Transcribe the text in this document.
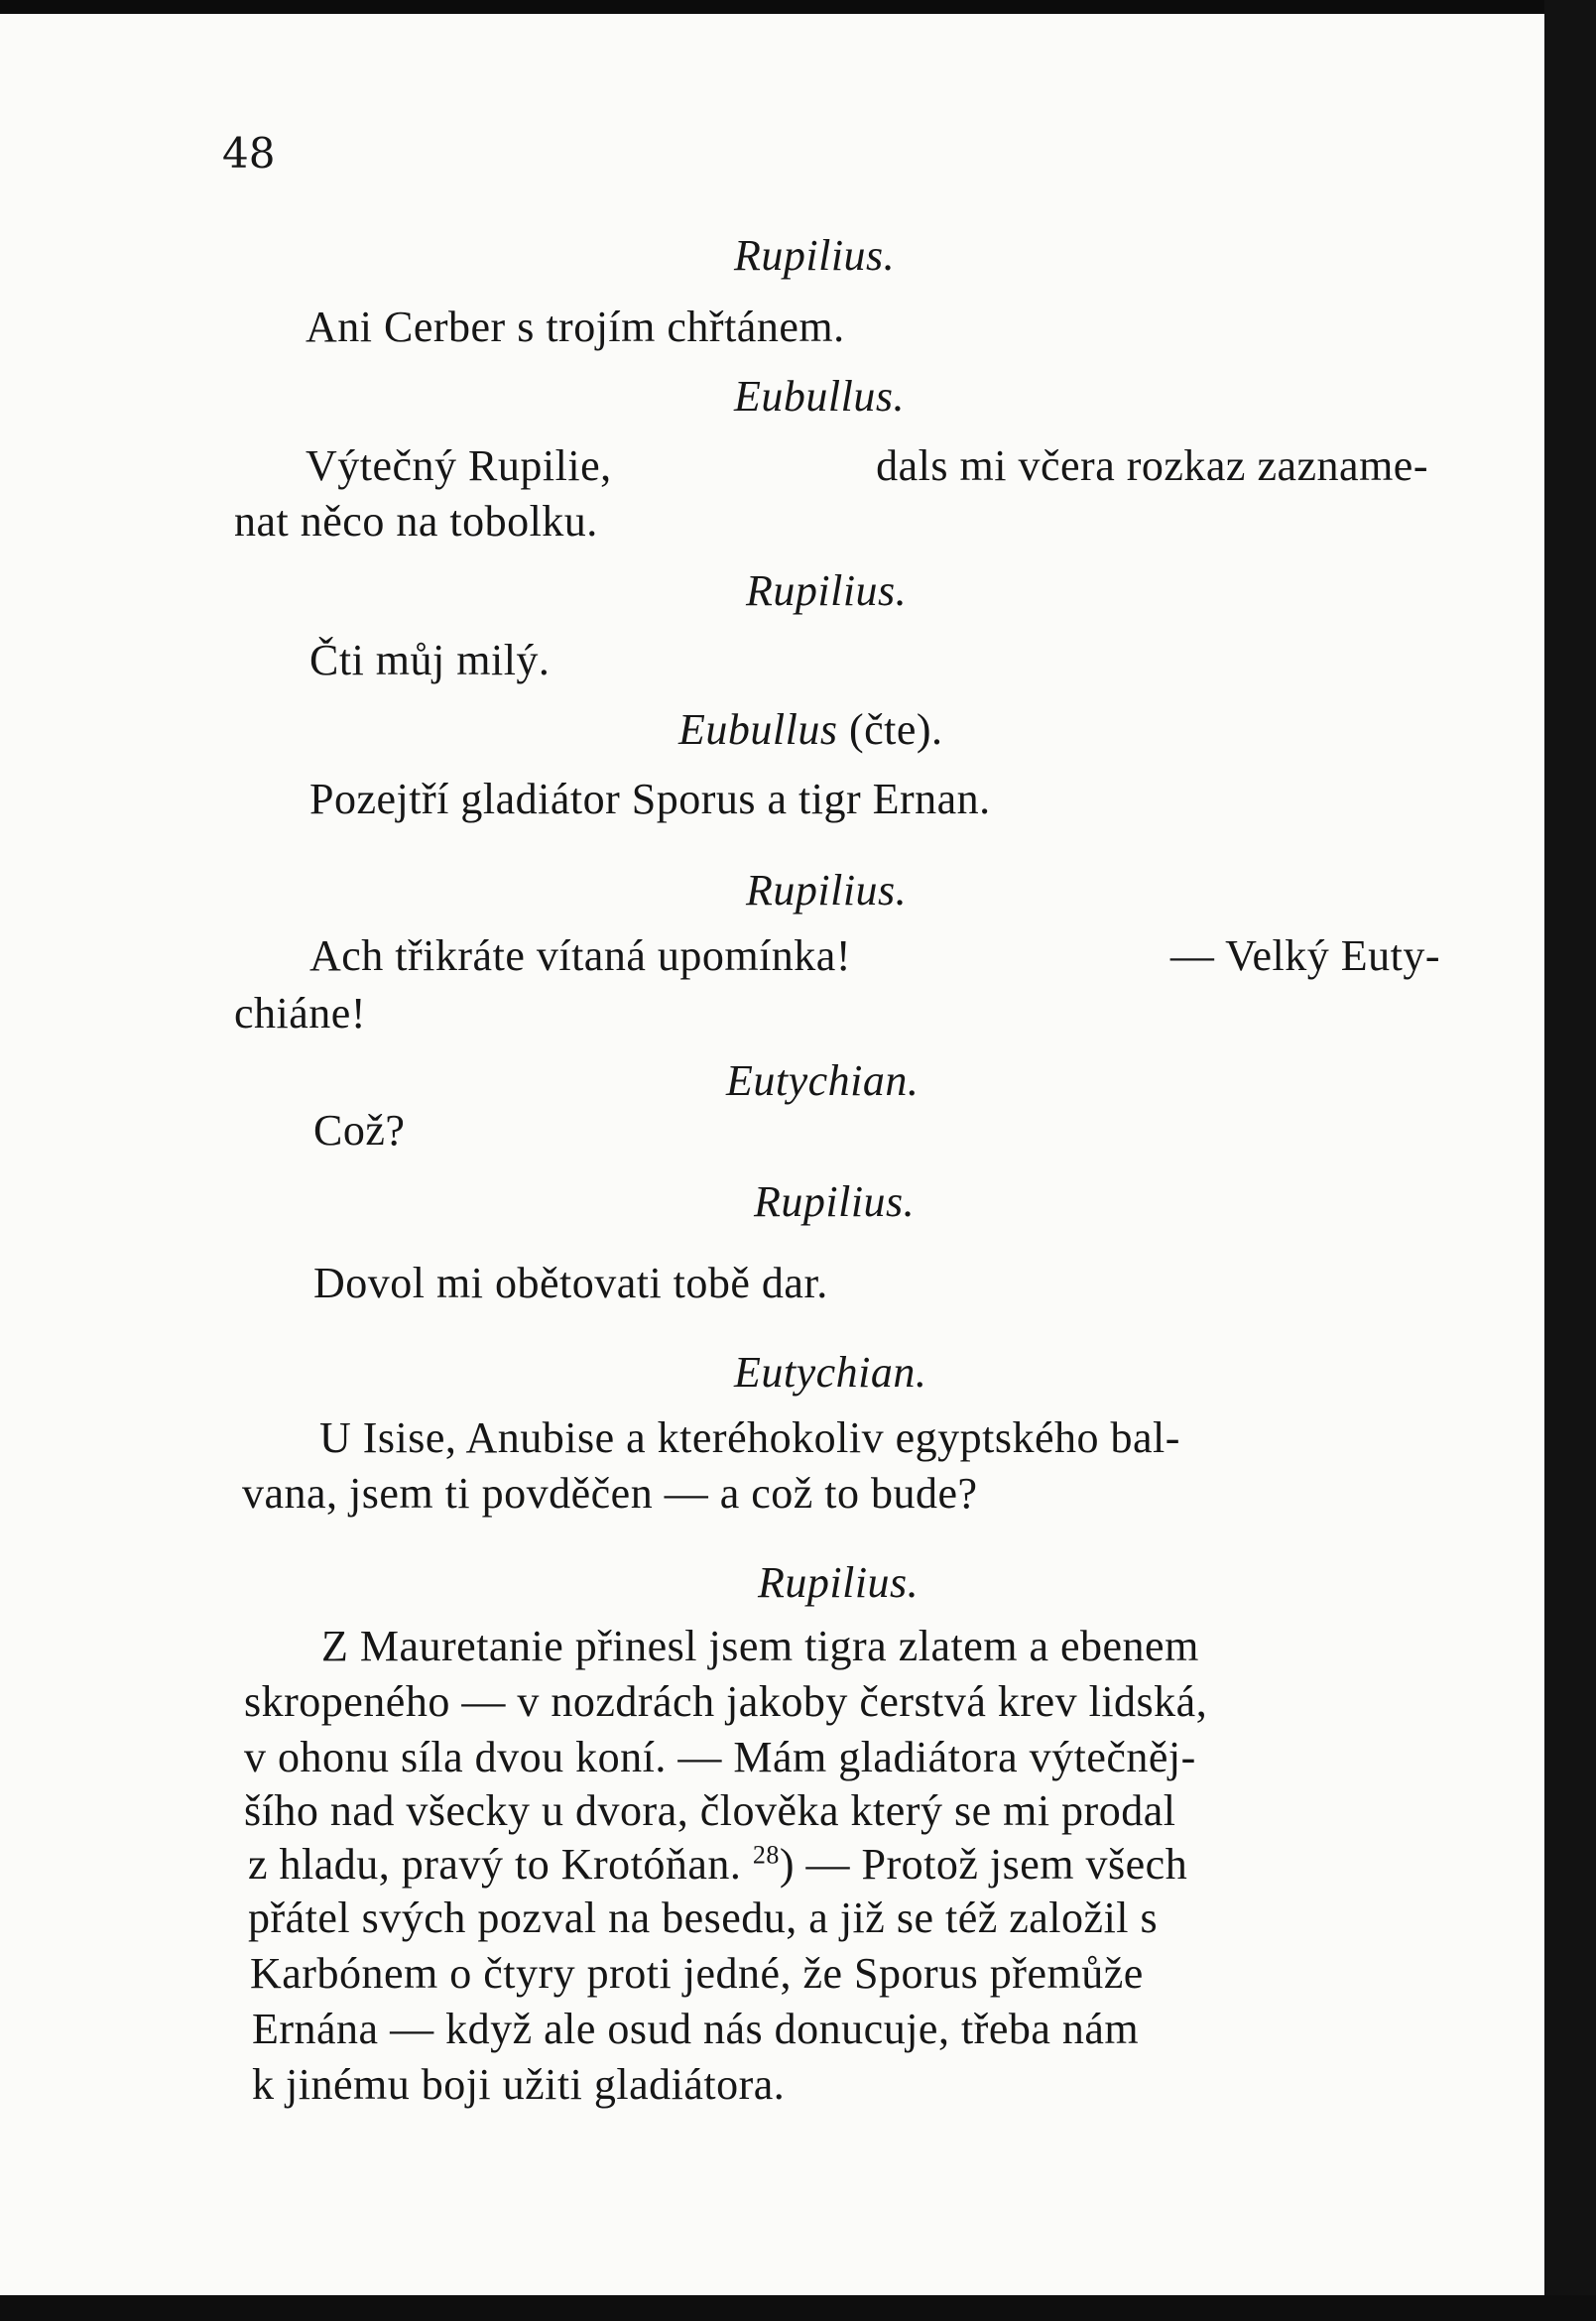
48
Rupilius.
Ani Cerber s trojím chřtánem.
Eubullus.
Výtečný Rupilie,	dals mi včera rozkaz zazname-
nat něco na tobolku.
Rupilius.
Čti můj milý.
Eubullus (čte).
Pozejtří gladiátor Sporus a tigr Ernan.
Rupilius.
Ach třikráte vítaná upomínka!	— Velký Euty-
chiáne!
Eutychian.
Což?
Rupilius.
Dovol mi obětovati tobě dar.
Eutychian.
U Isise, Anubise a kteréhokoliv egyptského bal-
vana, jsem ti povděčen — a což to bude?
Rupilius.
Z Mauretanie přinesl jsem tigra zlatem a ebenem
skropeného — v nozdrách jakoby čerstvá krev lidská,
v ohonu síla dvou koní. — Mám gladiátora výtečněj-
šího nad všecky u dvora, člověka který se mi prodal
z hladu, pravý to Krotóňan. $^{28}$) — Protož jsem všech
přátel svých pozval na besedu, a již se též založil s
Karbónem o čtyry proti jedné, že Sporus přemůže
Ernána — když ale osud nás donucuje, třeba nám
k jinému boji užiti gladiátora.
